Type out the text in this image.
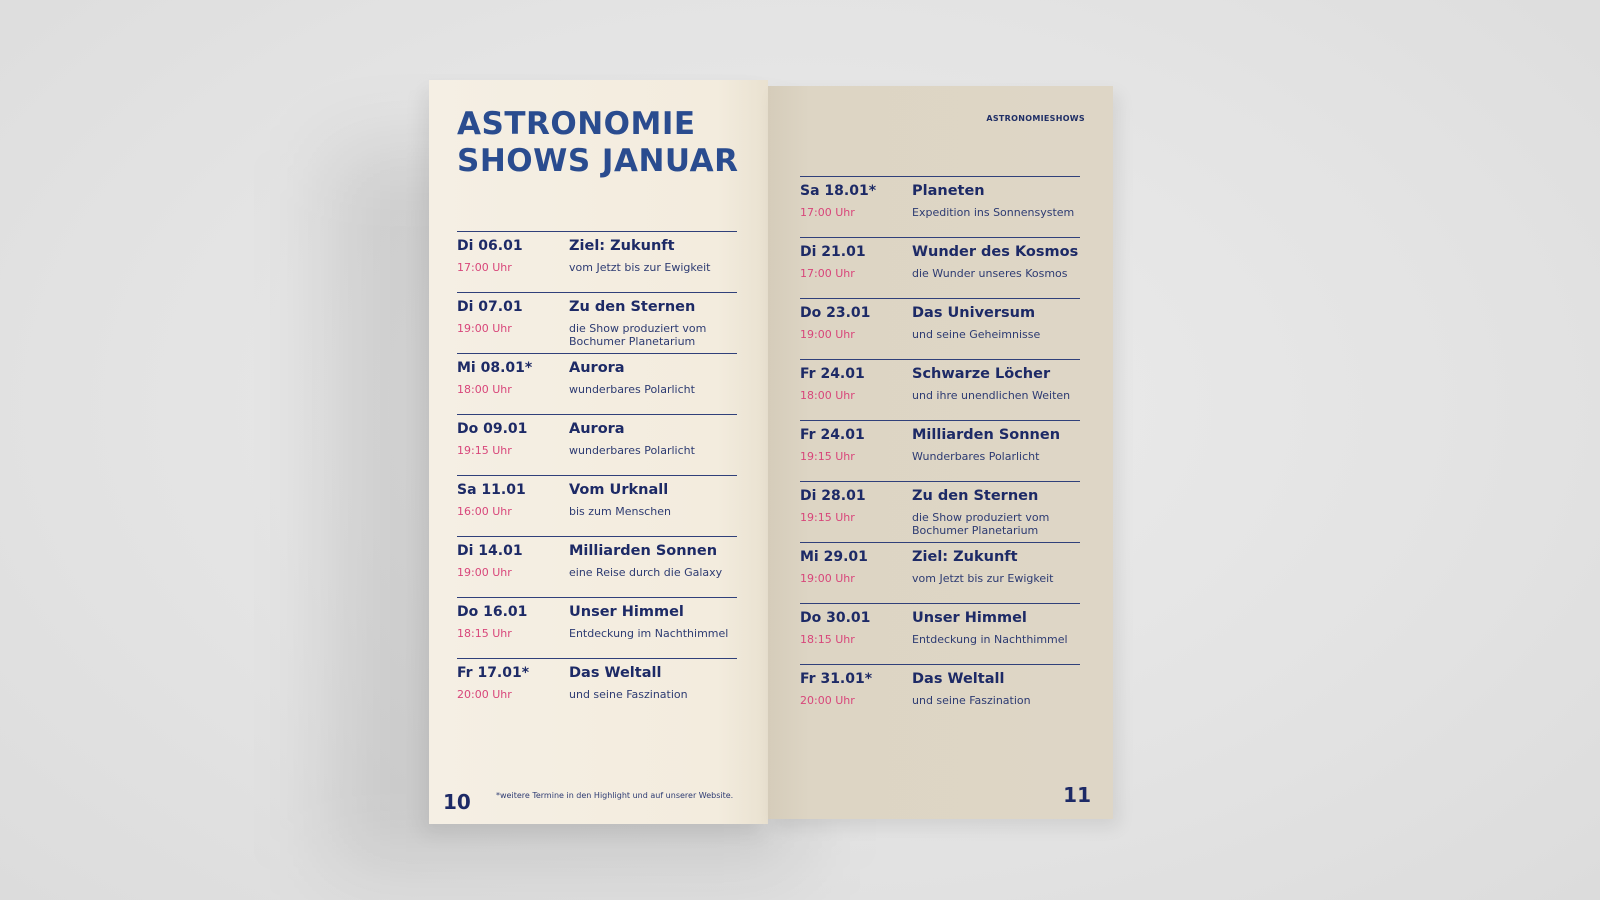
ASTRONOMIE
SHOWS JANUAR
Di 06.01
17:00 Uhr
Ziel: Zukunft
vom Jetzt bis zur Ewigkeit
Di 07.01
19:00 Uhr
Zu den Sternen
die Show produziert vom Bochumer Planetarium
Mi 08.01*
18:00 Uhr
Aurora
wunderbares Polarlicht
Do 09.01
19:15 Uhr
Aurora
wunderbares Polarlicht
Sa 11.01
16:00 Uhr
Vom Urknall
bis zum Menschen
Di 14.01
19:00 Uhr
Milliarden Sonnen
eine Reise durch die Galaxy
Do 16.01
18:15 Uhr
Unser Himmel
Entdeckung im Nachthimmel
Fr 17.01*
20:00 Uhr
Das Weltall
und seine Faszination
10	*weitere Termine in den Highlight und auf unserer Website.
ASTRONOMIESHOWS
Sa 18.01*
17:00 Uhr
Planeten
Expedition ins Sonnensystem
Di 21.01
17:00 Uhr
Wunder des Kosmos
die Wunder unseres Kosmos
Do 23.01
19:00 Uhr
Das Universum
und seine Geheimnisse
Fr 24.01
18:00 Uhr
Schwarze Löcher
und ihre unendlichen Weiten
Fr 24.01
19:15 Uhr
Milliarden Sonnen
Wunderbares Polarlicht
Di 28.01
19:15 Uhr
Zu den Sternen
die Show produziert vom Bochumer Planetarium
Mi 29.01
19:00 Uhr
Ziel: Zukunft
vom Jetzt bis zur Ewigkeit
Do 30.01
18:15 Uhr
Unser Himmel
Entdeckung in Nachthimmel
Fr 31.01*
20:00 Uhr
Das Weltall
und seine Faszination
11
